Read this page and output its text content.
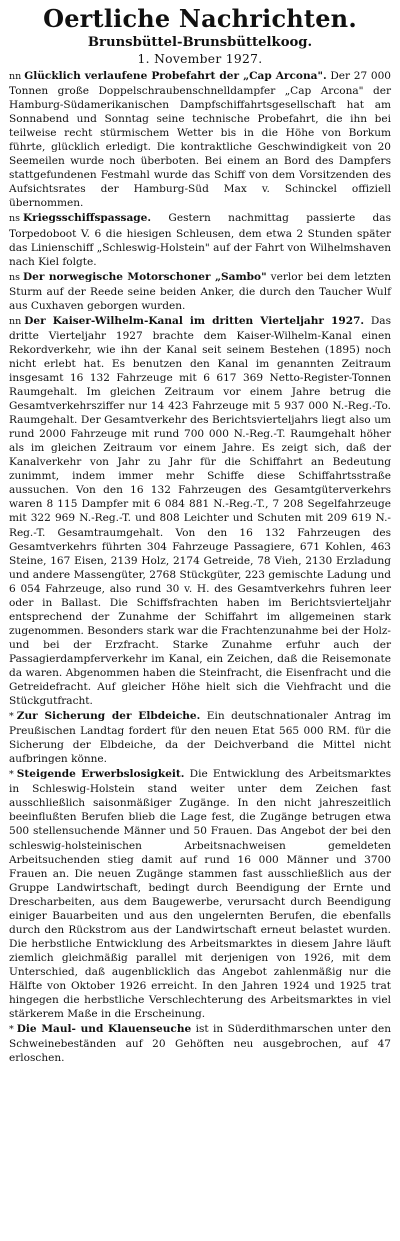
Oertliche Nachrichten.
Brunsbüttel-Brunsbüttelkoog.
1. November 1927.

nn Glücklich verlaufene Probefahrt der „Cap Arcona". Der 27 000 Tonnen große Doppelschraubenschnelldampfer „Cap Arcona" der Hamburg-Südamerikanischen Dampfschiffahrtsgesellschaft hat am Sonnabend und Sonntag seine technische Probefahrt, die ihn bei teilweise recht stürmischem Wetter bis in die Höhe von Borkum führte, glücklich erledigt. Die kontraktliche Geschwindigkeit von 20 Seemeilen wurde noch überboten. Bei einem an Bord des Dampfers stattgefundenen Festmahl wurde das Schiff von dem Vorsitzenden des Aufsichtsrates der Hamburg-Süd Max v. Schinckel offiziell übernommen.

ns Kriegsschiffspassage. Gestern nachmittag passierte das Torpedoboot V. 6 die hiesigen Schleusen, dem etwa 2 Stunden später das Linienschiff „Schleswig-Holstein" auf der Fahrt von Wilhelmshaven nach Kiel folgte.

ns Der norwegische Motorschoner „Sambo" verlor bei dem letzten Sturm auf der Reede seine beiden Anker, die durch den Taucher Wulf aus Cuxhaven geborgen wurden.

nn Der Kaiser-Wilhelm-Kanal im dritten Vierteljahr 1927. Das dritte Vierteljahr 1927 brachte dem Kaiser-Wilhelm-Kanal einen Rekordverkehr, wie ihn der Kanal seit seinem Bestehen (1895) noch nicht erlebt hat. Es benutzen den Kanal im genannten Zeitraum insgesamt 16 132 Fahrzeuge mit 6 617 369 Netto-Register-Tonnen Raumgehalt. Im gleichen Zeitraum vor einem Jahre betrug die Gesamtverkehrsziffer nur 14 423 Fahrzeuge mit 5 937 000 N.-Reg.-To. Raumgehalt. Der Gesamtverkehr des Berichtsvierteljahrs liegt also um rund 2000 Fahrzeuge mit rund 700 000 N.-Reg.-T. Raumgehalt höher als im gleichen Zeitraum vor einem Jahre. Es zeigt sich, daß der Kanalverkehr von Jahr zu Jahr für die Schiffahrt an Bedeutung zunimmt, indem immer mehr Schiffe diese Schiffahrtsstraße aussuchen. Von den 16 132 Fahrzeugen des Gesamtgüterverkehrs waren 8 115 Dampfer mit 6 084 881 N.-Reg.-T., 7 208 Segelfahrzeuge mit 322 969 N.-Reg.-T. und 808 Leichter und Schuten mit 209 619 N.-Reg.-T. Gesamtraumgehalt. Von den 16 132 Fahrzeugen des Gesamtverkehrs führten 304 Fahrzeuge Passagiere, 671 Kohlen, 463 Steine, 167 Eisen, 2139 Holz, 2174 Getreide, 78 Vieh, 2130 Erzladung und andere Massengüter, 2768 Stückgüter, 223 gemischte Ladung und 6 054 Fahrzeuge, also rund 30 v. H. des Gesamtverkehrs fuhren leer oder in Ballast. Die Schiffsfrachten haben im Berichtsvierteljahr entsprechend der Zunahme der Schiffahrt im allgemeinen stark zugenommen. Besonders stark war die Frachtenzunahme bei der Holz- und bei der Erzfracht. Starke Zunahme erfuhr auch der Passagierdampferverkehr im Kanal, ein Zeichen, daß die Reisemonate da waren. Abgenommen haben die Steinfracht, die Eisenfracht und die Getreidefracht. Auf gleicher Höhe hielt sich die Viehfracht und die Stückgutfracht.

* Zur Sicherung der Elbdeiche. Ein deutschnationaler Antrag im Preußischen Landtag fordert für den neuen Etat 565 000 RM. für die Sicherung der Elbdeiche, da der Deichverband die Mittel nicht aufbringen könne.

* Steigende Erwerbslosigkeit. Die Entwicklung des Arbeitsmarktes in Schleswig-Holstein stand weiter unter dem Zeichen fast ausschließlich saisonmäßiger Zugänge. In den nicht jahreszeitlich beeinflußten Berufen blieb die Lage fest, die Zugänge betrugen etwa 500 stellensuchende Männer und 50 Frauen. Das Angebot der bei den schleswig-holsteinischen Arbeitsnachweisen gemeldeten Arbeitsuchenden stieg damit auf rund 16 000 Männer und 3700 Frauen an. Die neuen Zugänge stammen fast ausschließlich aus der Gruppe Landwirtschaft, bedingt durch Beendigung der Ernte und Drescharbeiten, aus dem Baugewerbe, verursacht durch Beendigung einiger Bauarbeiten und aus den ungelernten Berufen, die ebenfalls durch den Rückstrom aus der Landwirtschaft erneut belastet wurden. Die herbstliche Entwicklung des Arbeitsmarktes in diesem Jahre läuft ziemlich gleichmäßig parallel mit derjenigen von 1926, mit dem Unterschied, daß augenblicklich das Angebot zahlenmäßig nur die Hälfte von Oktober 1926 erreicht. In den Jahren 1924 und 1925 trat hingegen die herbstliche Verschlechterung des Arbeitsmarktes in viel stärkerem Maße in die Erscheinung.

* Die Maul- und Klauenseuche ist in Süderdithmarschen unter den Schweinebeständen auf 20 Gehöften neu ausgebrochen, auf 47 erloschen.
